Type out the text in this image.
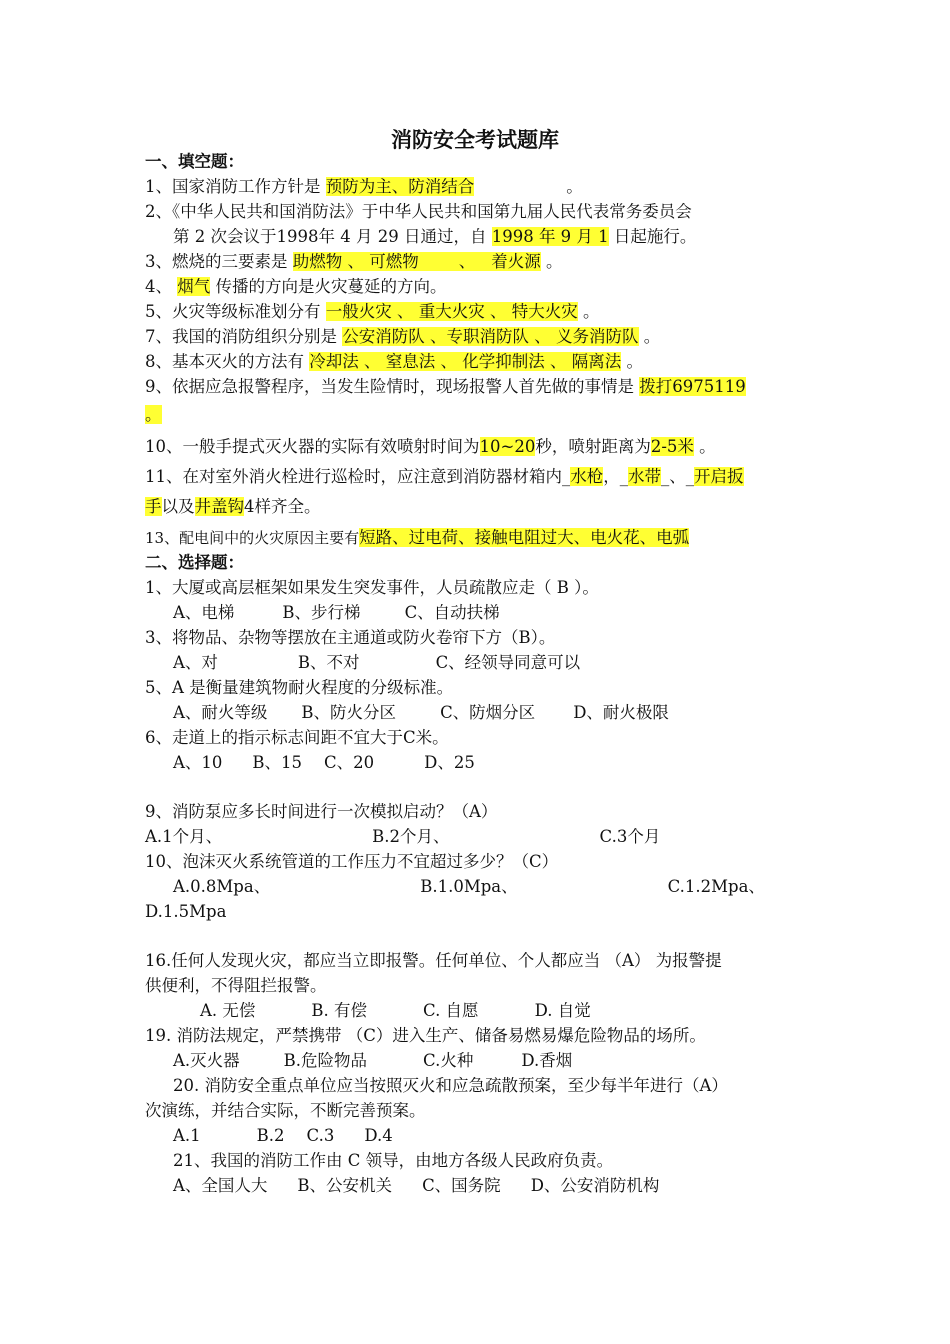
消防安全考试题库
一、填空题：
1、国家消防工作方针是 预防为主、防消结合	。
2、《中华人民共和国消防法》于中华人民共和国第九届人民代表常务委员会
第 2 次会议于1998年 4 月 29 日通过，自 1998 年 9 月 1 日起施行。
3、燃烧的三要素是 助燃物 、 可燃物 、 着火源 。
4、 烟气 传播的方向是火灾蔓延的方向。
5、火灾等级标准划分有 一般火灾 、 重大火灾 、 特大火灾 。
7、我国的消防组织分别是 公安消防队 、专职消防队 、 义务消防队 。
8、基本灭火的方法有 冷却法 、 窒息法 、 化学抑制法 、 隔离法 。
9、依据应急报警程序，当发生险情时，现场报警人首先做的事情是 拨打6975119
。
10、一般手提式灭火器的实际有效喷射时间为10~20秒，喷射距离为2-5米 。
11、在对室外消火栓进行巡检时，应注意到消防器材箱内_水枪，_水带_、_开启扳
手以及井盖钩4样齐全。
13、配电间中的火灾原因主要有短路、过电荷、接触电阻过大、电火花、电弧
二、选择题：
1、大厦或高层框架如果发生突发事件，人员疏散应走（ B ）。
A、电梯	B、步行梯	C、自动扶梯
3、将物品、杂物等摆放在主通道或防火卷帘下方（B）。
A、对	B、不对	C、经领导同意可以
5、A 是衡量建筑物耐火程度的分级标准。
A、耐火等级 B、防火分区	C、防烟分区 D、耐火极限
6、走道上的指示标志间距不宜大于C米。
A、10 B、15 C、20	D、25
9、消防泵应多长时间进行一次模拟启动？（A）
A.1个月、	B.2个月、	C.3个月
10、泡沫灭火系统管道的工作压力不宜超过多少？（C）
A.0.8Mpa、	B.1.0Mpa、	C.1.2Mpa、
D.1.5Mpa
16.任何人发现火灾，都应当立即报警。任何单位、个人都应当 （A） 为报警提
供便利，不得阻拦报警。
A. 无偿	B. 有偿	C. 自愿	D. 自觉
19. 消防法规定，严禁携带 （C）进入生产、储备易燃易爆危险物品的场所。
A.灭火器	B.危险物品	C.火种	D.香烟
20. 消防安全重点单位应当按照灭火和应急疏散预案，至少每半年进行（A）
次演练，并结合实际，不断完善预案。
A.1	B.2 C.3 D.4
21、我国的消防工作由 C 领导，由地方各级人民政府负责。
A、全国人大 B、公安机关 C、国务院 D、公安消防机构
